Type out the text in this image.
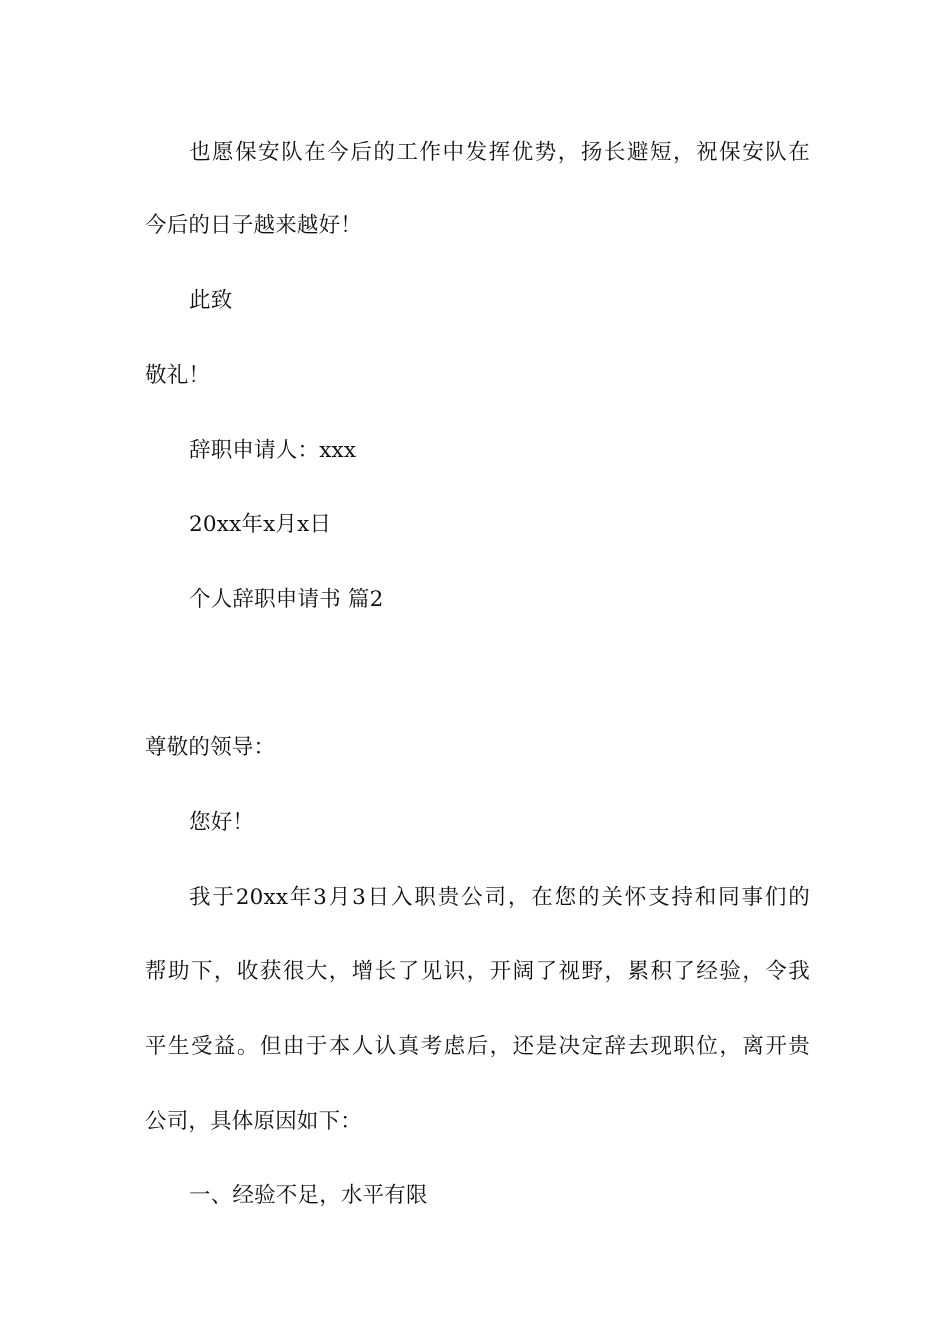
也愿保安队在今后的工作中发挥优势，扬长避短，祝保安队在
今后的日子越来越好！
此致
敬礼！
辞职申请人：xxx
20xx年x月x日
个人辞职申请书 篇2
尊敬的领导：
您好！
我于20xx年3月3日入职贵公司，在您的关怀支持和同事们的
帮助下，收获很大，增长了见识，开阔了视野，累积了经验，令我
平生受益。但由于本人认真考虑后，还是决定辞去现职位，离开贵
公司，具体原因如下：
一、经验不足，水平有限
